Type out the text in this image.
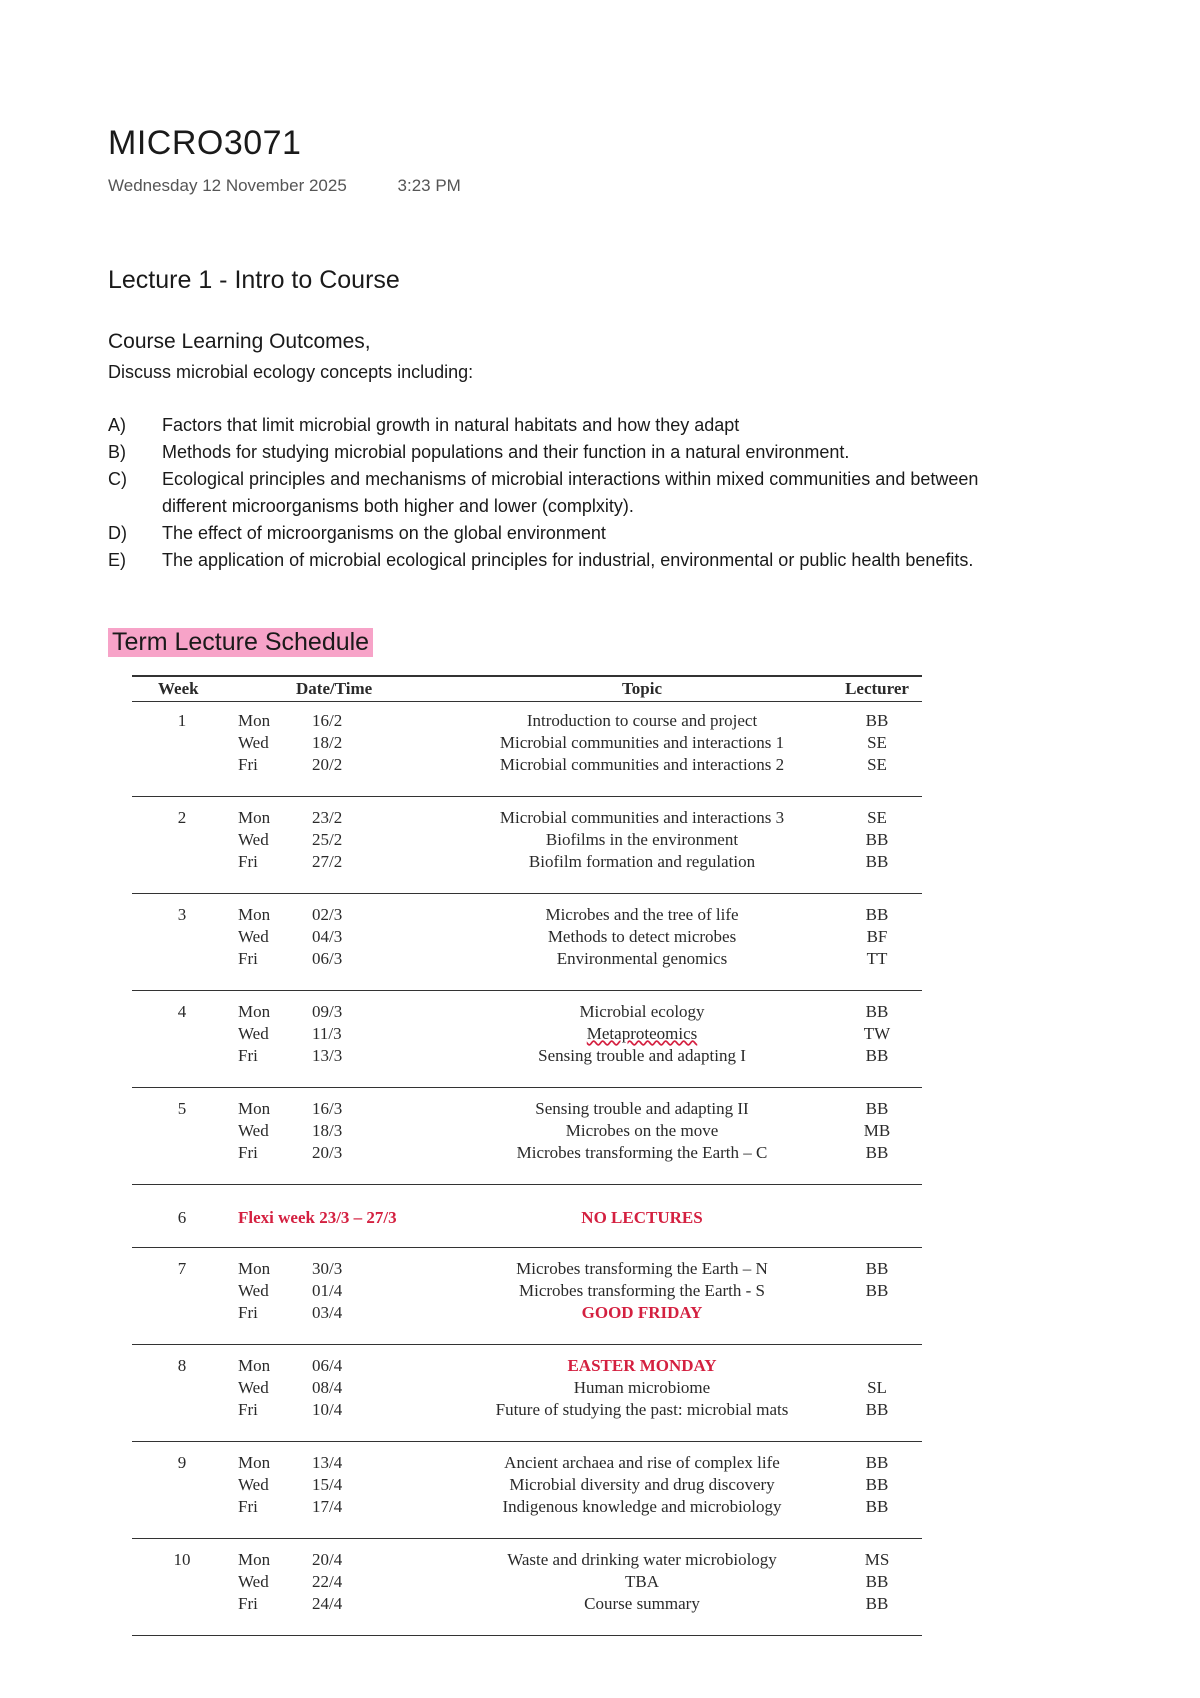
MICRO3071
Wednesday 12 November 2025	3:23 PM
Lecture 1 - Intro to Course
Course Learning Outcomes,
Discuss microbial ecology concepts including:
A)	Factors that limit microbial growth in natural habitats and how they adapt
B)	Methods for studying microbial populations and their function in a natural environment.
C)	Ecological principles and mechanisms of microbial interactions within mixed communities and between different microorganisms both higher and lower (complxity).
D)	The effect of microorganisms on the global environment
E)	The application of microbial ecological principles for industrial, environmental or public health benefits.
Term Lecture Schedule
Week	Date/Time	Topic	Lecturer
1	Mon 16/2	Introduction to course and project	BB
Wed	18/2	Microbial communities and interactions 1	SE
Fri	20/2	Microbial communities and interactions 2	SE
2	Mon 23/2	Microbial communities and interactions 3	SE
Wed	25/2	Biofilms in the environment	BB
Fri	27/2	Biofilm formation and regulation	BB
3	Mon 02/3	Microbes and the tree of life	BB
Wed	04/3	Methods to detect microbes	BF
Fri	06/3	Environmental genomics	TT
4	Mon 09/3	Microbial ecology	BB
Wed	11/3	Metaproteomics	TW
Fri	13/3	Sensing trouble and adapting I	BB
5	Mon 16/3	Sensing trouble and adapting II	BB
Wed	18/3	Microbes on the move	MB
Fri	20/3	Microbes transforming the Earth – C	BB
6	Flexi week 23/3 – 27/3	NO LECTURES
7	Mon 30/3	Microbes transforming the Earth – N	BB
Wed	01/4	Microbes transforming the Earth - S	BB
Fri	03/4	GOOD FRIDAY
8	Mon 06/4	EASTER MONDAY
Wed	08/4	Human microbiome	SL
Fri	10/4	Future of studying the past: microbial mats	BB
9	Mon 13/4	Ancient archaea and rise of complex life	BB
Wed	15/4	Microbial diversity and drug discovery	BB
Fri	17/4	Indigenous knowledge and microbiology	BB
10	Mon 20/4	Waste and drinking water microbiology	MS
Wed	22/4	TBA	BB
Fri	24/4	Course summary	BB
